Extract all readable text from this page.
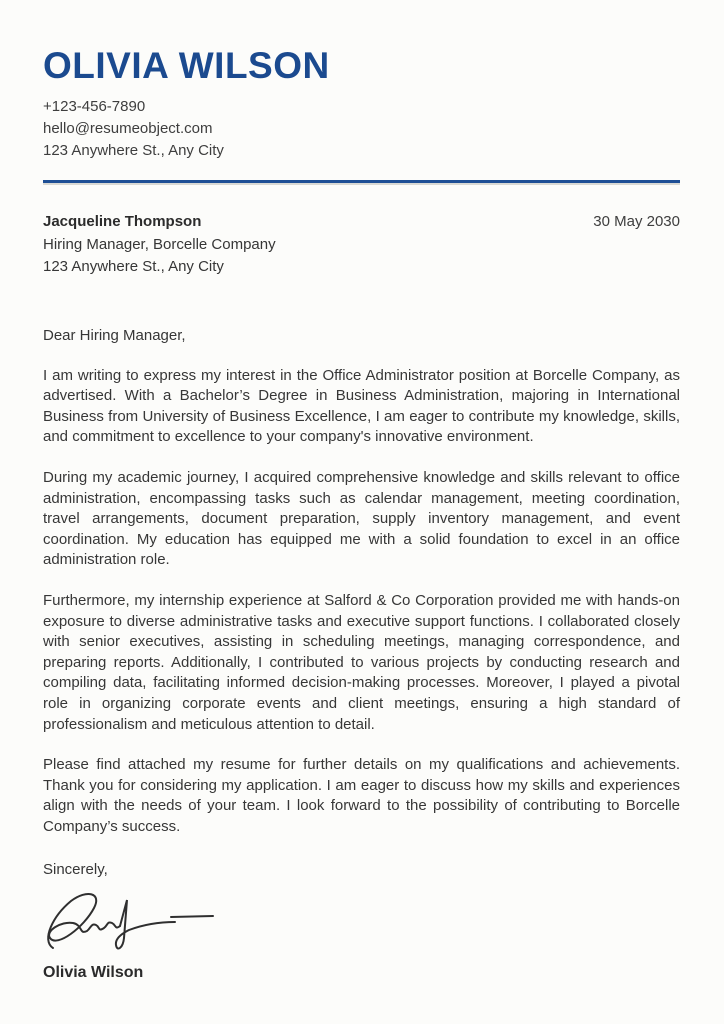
OLIVIA WILSON

+123-456-7890

hello@resumeobject.com

123 Anywhere St., Any City

Jacqueline Thompson

Hiring Manager, Borcelle Company

123 Anywhere St., Any City

30 May 2030

Dear Hiring Manager,

I am writing to express my interest in the Office Administrator position at Borcelle Company, as advertised. With a Bachelor’s Degree in Business Administration, majoring in International Business from University of Business Excellence, I am eager to contribute my knowledge, skills, and commitment to excellence to your company's innovative environment.

During my academic journey, I acquired comprehensive knowledge and skills relevant to office administration, encompassing tasks such as calendar management, meeting coordination, travel arrangements, document preparation, supply inventory management, and event coordination. My education has equipped me with a solid foundation to excel in an office administration role.

Furthermore, my internship experience at Salford & Co Corporation provided me with hands-on exposure to diverse administrative tasks and executive support functions. I collaborated closely with senior executives, assisting in scheduling meetings, managing correspondence, and preparing reports. Additionally, I contributed to various projects by conducting research and compiling data, facilitating informed decision-making processes. Moreover, I played a pivotal role in organizing corporate events and client meetings, ensuring a high standard of professionalism and meticulous attention to detail.

Please find attached my resume for further details on my qualifications and achievements. Thank you for considering my application. I am eager to discuss how my skills and experiences align with the needs of your team. I look forward to the possibility of contributing to Borcelle Company’s success.

Sincerely,

Olivia Wilson
